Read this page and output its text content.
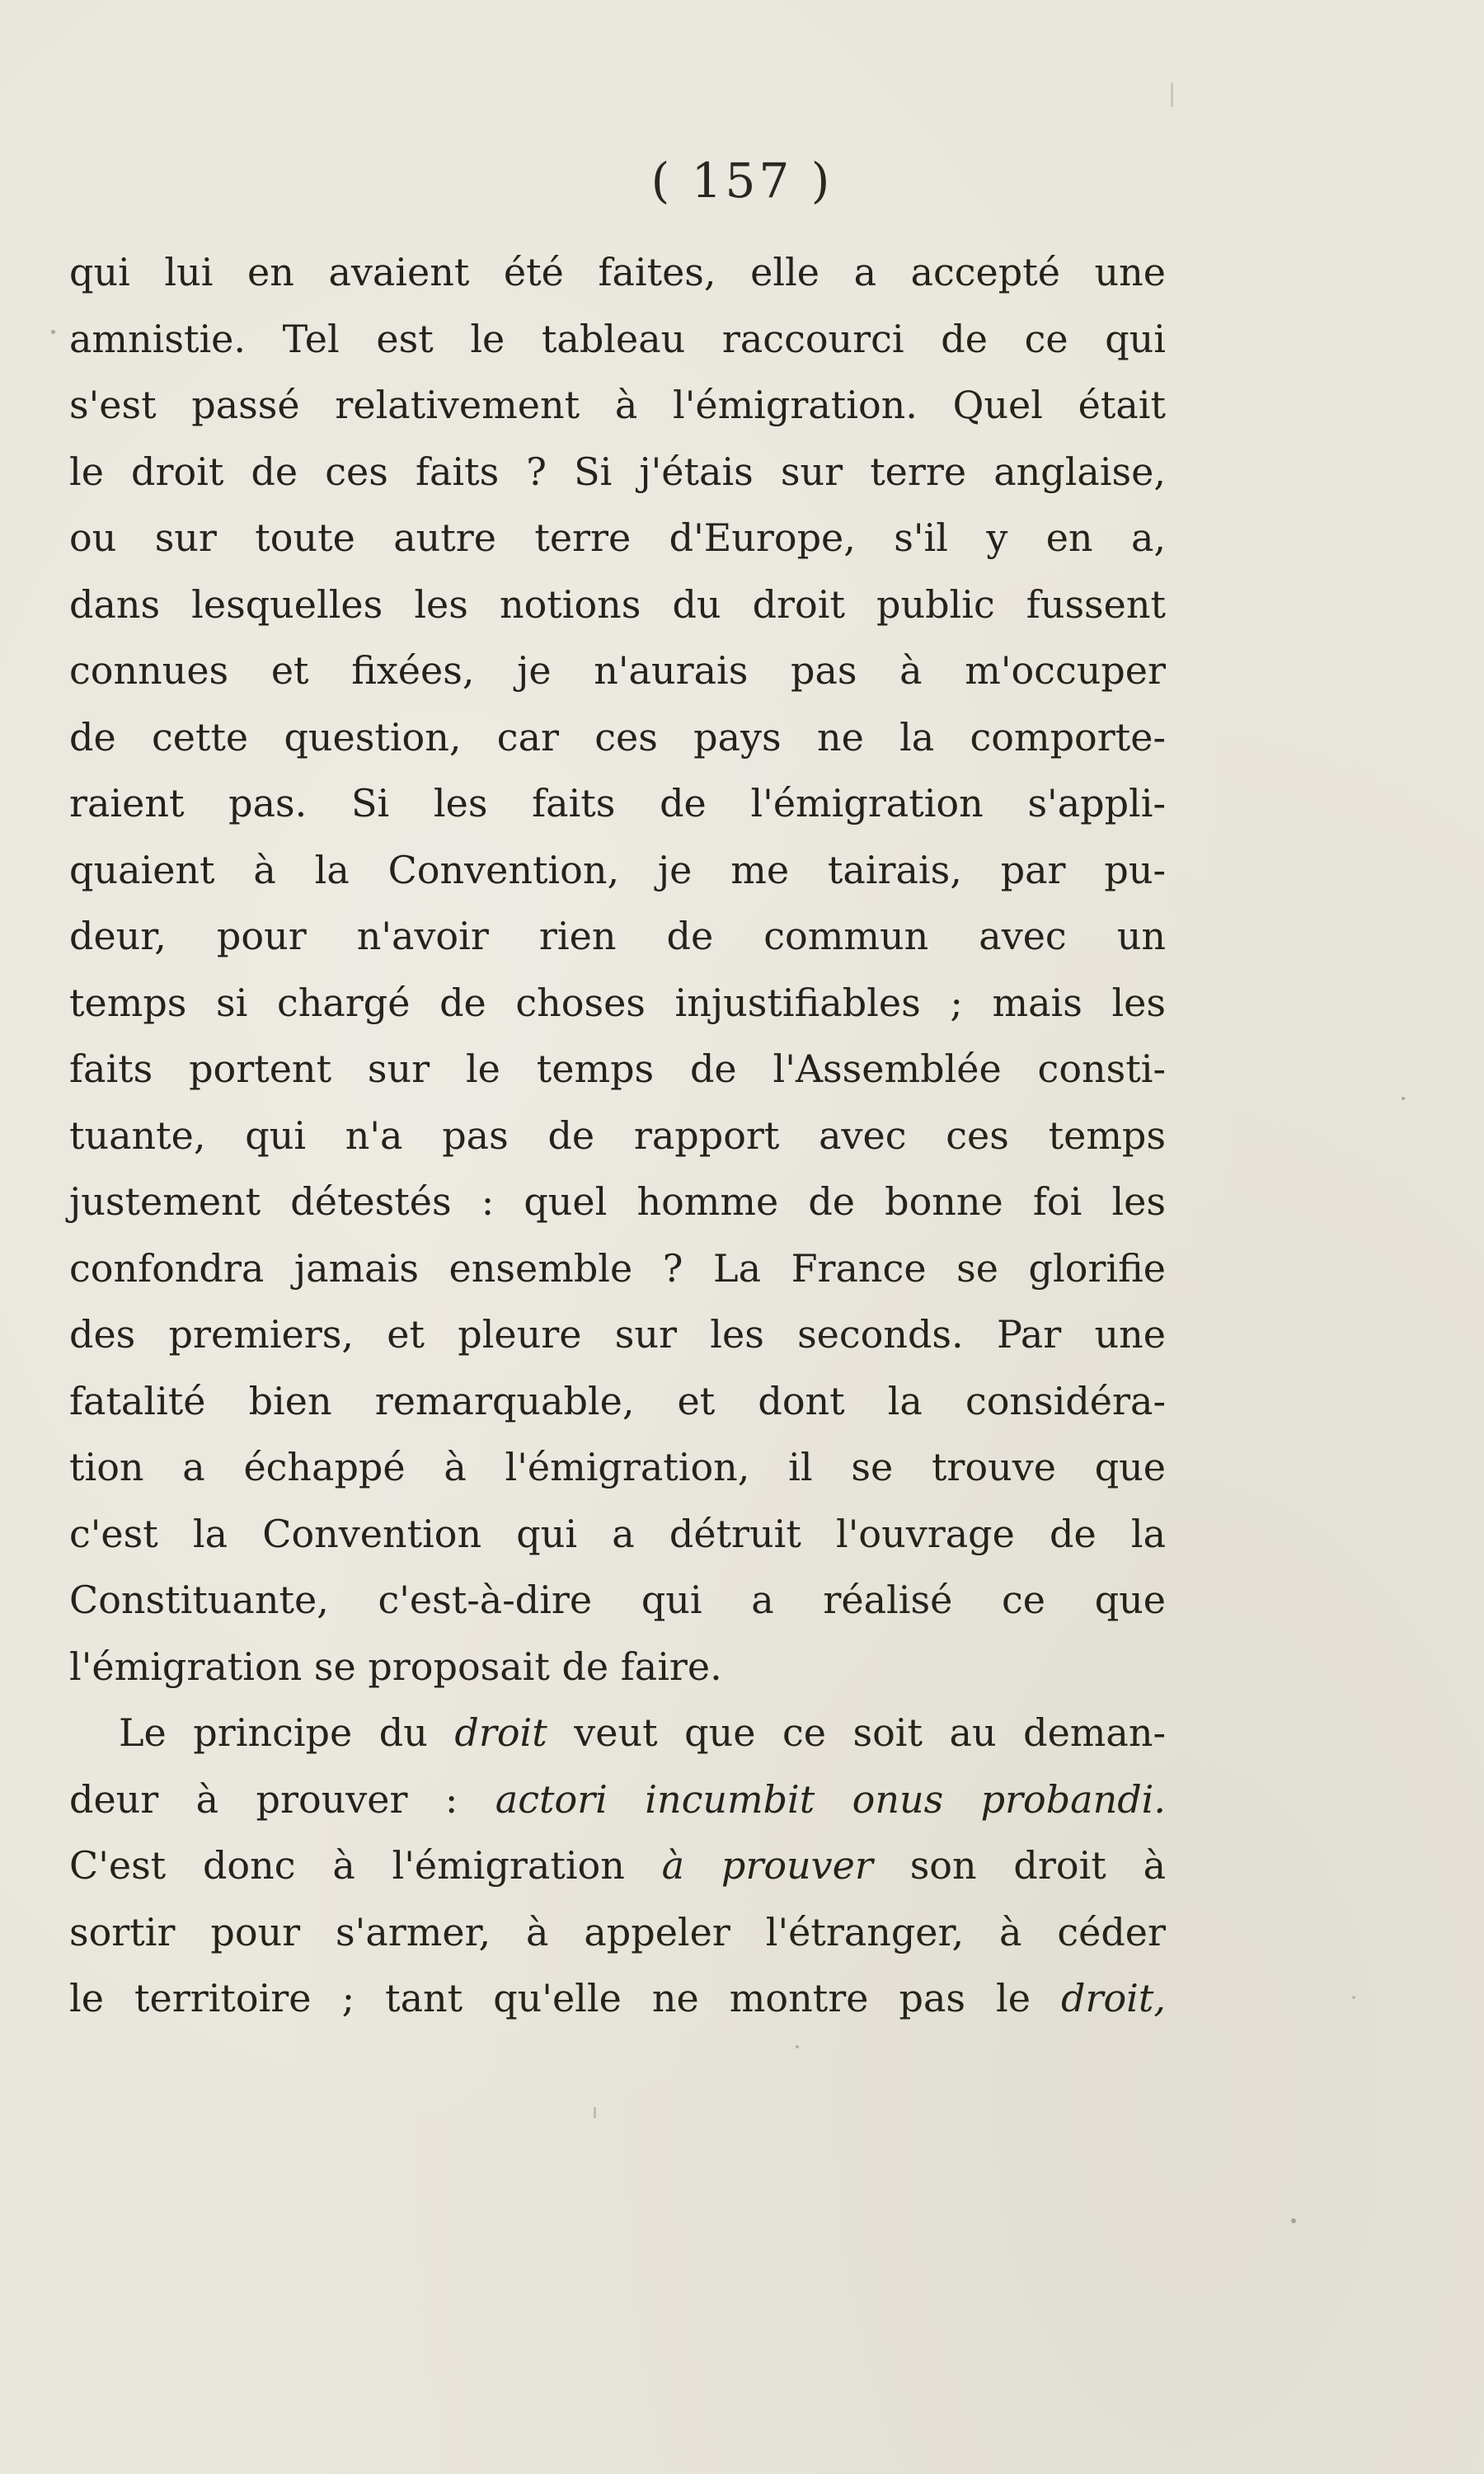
( 157 )
qui lui en avaient été faites, elle a accepté une
amnistie. Tel est le tableau raccourci de ce qui
s'est passé relativement à l'émigration. Quel était
le droit de ces faits ? Si j'étais sur terre anglaise,
ou sur toute autre terre d'Europe, s'il y en a,
dans lesquelles les notions du droit public fussent
connues et fixées, je n'aurais pas à m'occuper
de cette question, car ces pays ne la comporte-
raient pas. Si les faits de l'émigration s'appli-
quaient à la Convention, je me tairais, par pu-
deur, pour n'avoir rien de commun avec un
temps si chargé de choses injustifiables ; mais les
faits portent sur le temps de l'Assemblée consti-
tuante, qui n'a pas de rapport avec ces temps
justement détestés : quel homme de bonne foi les
confondra jamais ensemble ? La France se glorifie
des premiers, et pleure sur les seconds. Par une
fatalité bien remarquable, et dont la considéra-
tion a échappé à l'émigration, il se trouve que
c'est la Convention qui a détruit l'ouvrage de la
Constituante, c'est-à-dire qui a réalisé ce que
l'émigration se proposait de faire.
Le principe du droit veut que ce soit au deman-
deur à prouver : actori incumbit onus probandi.
C'est donc à l'émigration à prouver son droit à
sortir pour s'armer, à appeler l'étranger, à céder
le territoire ; tant qu'elle ne montre pas le droit,
